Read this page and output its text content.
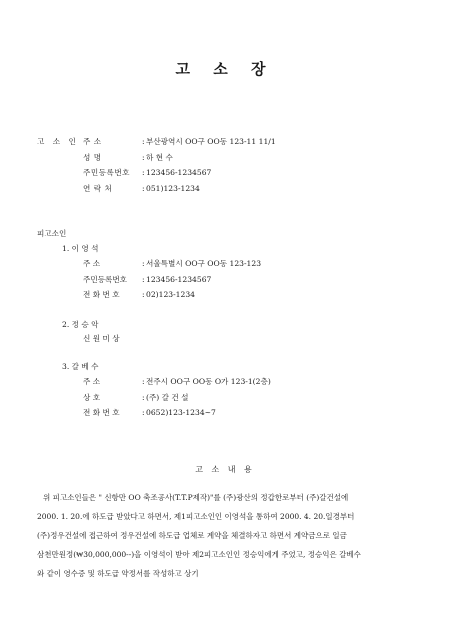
고 소 장
고 소 인 주 소	: 부산광역시 OO구 OO동 123-11 11/1
성 명	: 하 현 수
주민등록번호 : 123456-1234567
연 락 처	: 051)123-1234
피고소인
1. 이 영 석
주 소	: 서울특별시 OO구 OO동 123-123
주민등록번호 : 123456-1234567
전 화 번 호	: 02)123-1234
2. 정 승 악
신 원 미 상
3. 갈 베 수
주 소	: 전주시 OO구 OO동 O가 123-1(2층)
상 호	: (주) 갈 건 설
전 화 번 호	: 0652)123-1234~7
고 소 내 용
위 피고소인들은 " 신항만 OO 축조공사(T.T.P제작)"를 (주)광산의 정갑한로부터 (주)갈건설에
2000. 1. 20.에 하도급 받았다고 하면서, 제1피고소인인 이영석을 통하여 2000. 4. 20.일경부터
(주)정우건설에 접근하여 정우건설에 하도급 업체로 계약을 체결하자고 하면서 계약금으로 일금
삼천만원정(₩30,000,000--)을 이영석이 받아 제2피고소인인 정승익에게 주었고, 정승익은 갈베수
와 같이 영수증 및 하도급 약정서를 작성하고 상기
